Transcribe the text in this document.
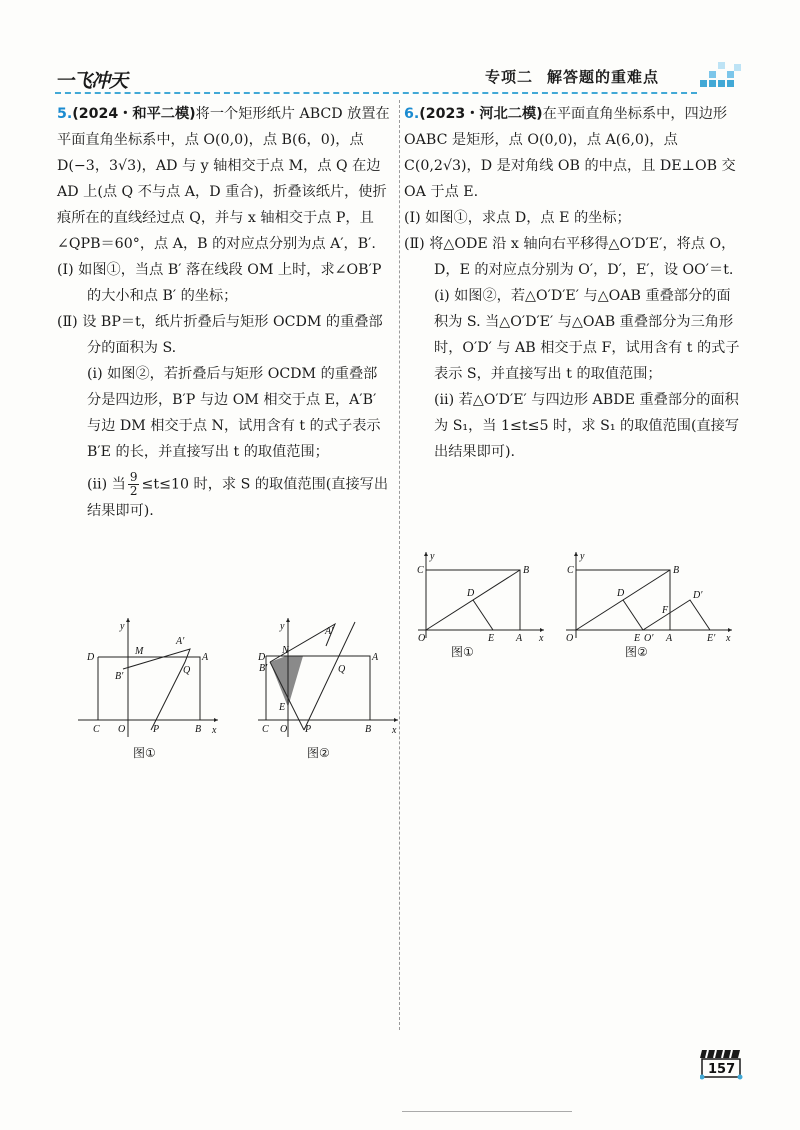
一飞冲天	专项二 解答题的重难点

5.(2024・和平二模)将一个矩形纸片 ABCD 放置在平面直角坐标系中，点 O(0,0)，点 B(6，0)，点 D(−3，3√3)，AD 与 y 轴相交于点 M，点 Q 在边 AD 上(点 Q 不与点 A，D 重合)，折叠该纸片，使折痕所在的直线经过点 Q，并与 x 轴相交于点 P，且∠QPB＝60°，点 A，B 的对应点分别为点 A′，B′.

(Ⅰ) 如图①，当点 B′ 落在线段 OM 上时，求∠OB′P 的大小和点 B′ 的坐标；

(Ⅱ) 设 BP＝t，纸片折叠后与矩形 OCDM 的重叠部分的面积为 S.

(ⅰ) 如图②，若折叠后与矩形 OCDM 的重叠部分是四边形，B′P 与边 OM 相交于点 E，A′B′ 与边 DM 相交于点 N，试用含有 t 的式子表示 B′E 的长，并直接写出 t 的取值范围；

(ⅱ) 当 $\frac{9}{2} \le t\le 10$ 时，求 S 的取值范围(直接写出结果即可).

y
x
D
M
A′
A
B′
Q
C O	P	B
图①
y
x
D
N
A′
A
B′	Q
E
C O P	B
图②

6.(2023・河北二模)在平面直角坐标系中，四边形 OABC 是矩形，点 O(0,0)，点 A(6,0)，点 C(0,2√3)，D 是对角线 OB 的中点，且 DE⊥OB 交 OA 于点 E.

(Ⅰ) 如图①，求点 D，点 E 的坐标；

(Ⅱ) 将△ODE 沿 x 轴向右平移得△O′D′E′，将点 O，D，E 的对应点分别为 O′，D′，E′，设 OO′＝t.

(ⅰ) 如图②，若△O′D′E′ 与△OAB 重叠部分的面积为 S. 当△O′D′E′ 与△OAB 重叠部分为三角形时，O′D′ 与 AB 相交于点 F，试用含有 t 的式子表示 S，并直接写出 t 的取值范围；

(ⅱ) 若△O′D′E′ 与四边形 ABDE 重叠部分的面积为 S₁，当 1≤t≤5 时，求 S₁ 的取值范围(直接写出结果即可).

y
C	B
D
O	E A x
图①
y
C	B
D	D′
F
O	E O′ A	E′ x
图②
157
